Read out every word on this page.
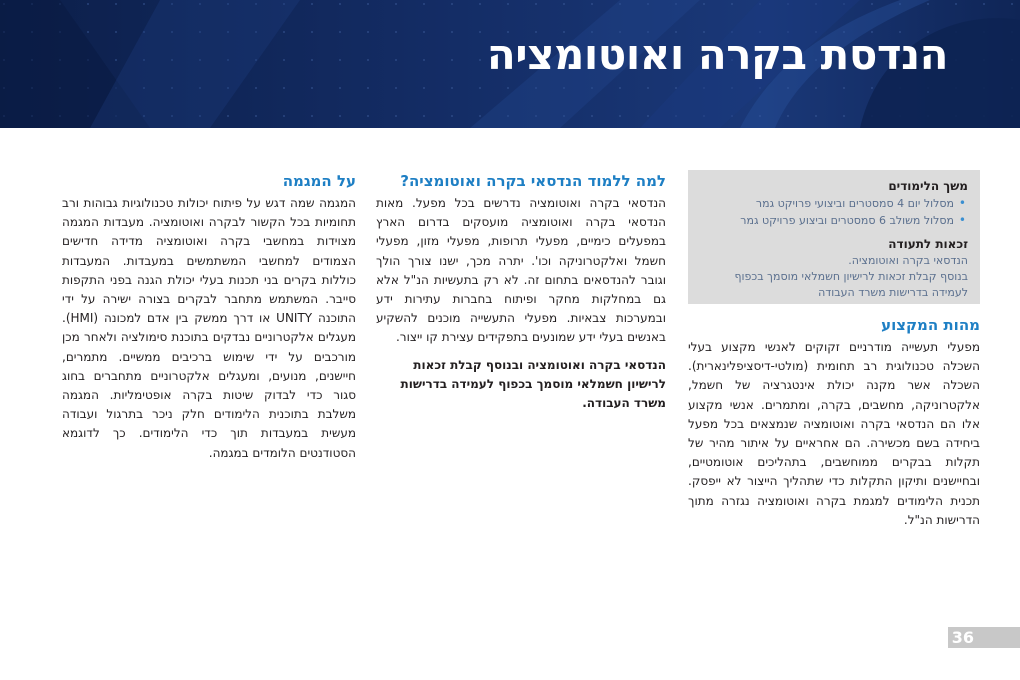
הנדסת בקרה ואוטומציה
משך הלימודים
• מסלול יום 4 סמסטרים וביצועי פרויקט גמר
• מסלול משולב 6 סמסטרים וביצוע פרויקט גמר
זכאות לתעודה

הנדסאי בקרה ואוטומציה.

בנוסף קבלת זכאות לרישיון חשמלאי מוסמך בכפוף

לעמידה בדרישות משרד העבודה

מהות המקצוע

מפעלי תעשייה מודרניים זקוקים לאנשי מקצוע בעלי השכלה טכנולוגית רב תחומית (מולטי-דיסציפלינארית). השכלה אשר מקנה יכולת אינטגרציה של חשמל, אלקטרוניקה, מחשבים, בקרה, ומתמרים. אנשי מקצוע אלו הם הנדסאי בקרה ואוטומציה שנמצאים בכל מפעל ביחידה בשם מכשירה. הם אחראיים על איתור מהיר של תקלות בבקרים ממוחשבים, בתהליכים אוטומטיים, ובחיישנים ותיקון התקלות כדי שתהליך הייצור לא ייפסק. תכנית הלימודים למגמת בקרה ואוטומציה נגזרה מתוך הדרישות הנ"ל.

למה ללמוד הנדסאי בקרה ואוטומציה?

הנדסאי בקרה ואוטומציה נדרשים בכל מפעל. מאות הנדסאי בקרה ואוטומציה מועסקים בדרום הארץ במפעלים כימיים, מפעלי תרופות, מפעלי מזון, מפעלי חשמל ואלקטרוניקה וכו'. יתרה מכך, ישנו צורך הולך וגובר להנדסאים בתחום זה. לא רק בתעשיות הנ"ל אלא גם במחלקות מחקר ופיתוח בחברות עתירות ידע ובמערכות צבאיות. מפעלי התעשייה מוכנים להשקיע באנשים בעלי ידע שמונעים בתפקידים עצירת קו ייצור.

הנדסאי בקרה ואוטומציה ובנוסף קבלת זכאות לרישיון חשמלאי מוסמך בכפוף לעמידה בדרישות משרד העבודה.

על המגמה

המגמה שמה דגש על פיתוח יכולות טכנולוגיות גבוהות ורב תחומיות בכל הקשור לבקרה ואוטומציה. מעבדות המגמה מצוידות במחשבי בקרה ואוטומציה מדידה חדישים הצמודים למחשבי המשתמשים במעבדות. המעבדות כוללות בקרים בני תכנות בעלי יכולת הגנה בפני התקפות סייבר. המשתמש מתחבר לבקרים בצורה ישירה על ידי התוכנה UNITY או דרך ממשק בין אדם למכונה (HMI). מעגלים אלקטרוניים נבדקים בתוכנת סימולציה ולאחר מכן מורכבים על ידי שימוש ברכיבים ממשיים. מתמרים, חיישנים, מנועים, ומעגלים אלקטרוניים מתחברים בחוג סגור כדי לבדוק שיטות בקרה אופטימליות. המגמה משלבת בתוכנית הלימודים חלק ניכר בתרגול ועבודה מעשית במעבדות תוך כדי הלימודים. כך לדוגמא הסטודנטים הלומדים במגמה.

36
